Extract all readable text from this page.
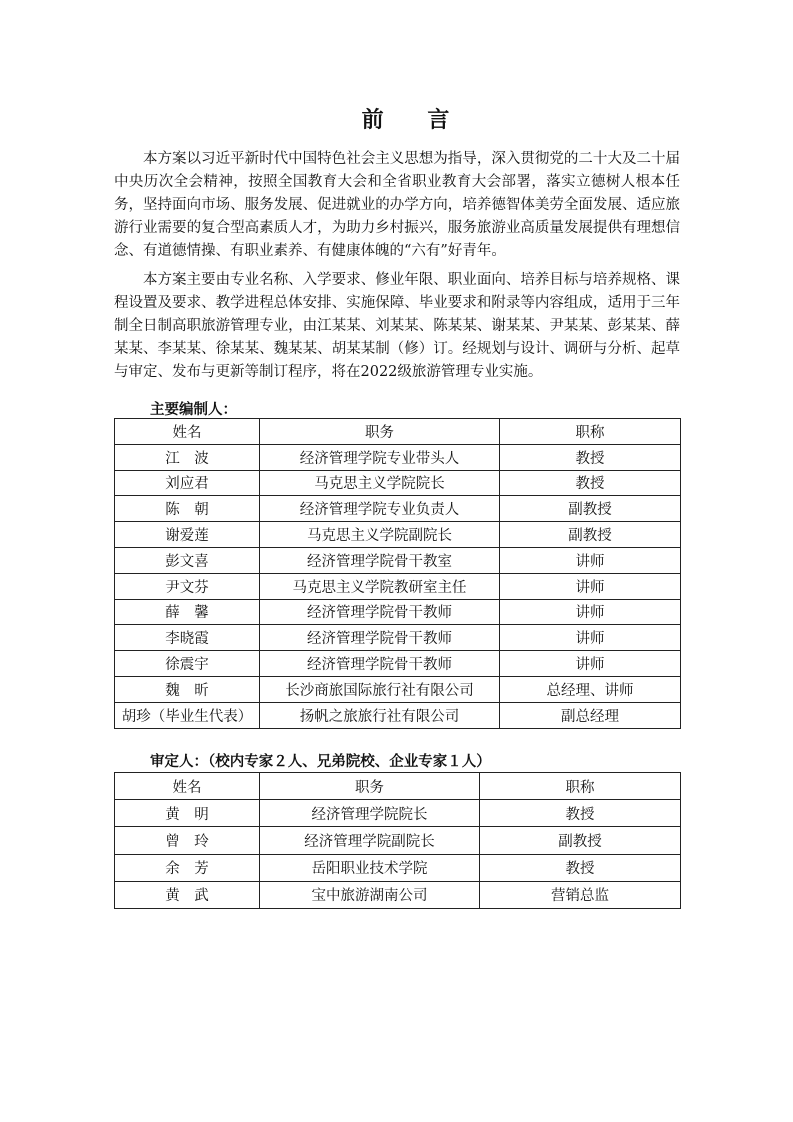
前 言

本方案以习近平新时代中国特色社会主义思想为指导，深入贯彻党的二十大及二十届中央历次全会精神，按照全国教育大会和全省职业教育大会部署，落实立德树人根本任务，坚持面向市场、服务发展、促进就业的办学方向，培养德智体美劳全面发展、适应旅游行业需要的复合型高素质人才，为助力乡村振兴，服务旅游业高质量发展提供有理想信念、有道德情操、有职业素养、有健康体魄的“六有”好青年。

本方案主要由专业名称、入学要求、修业年限、职业面向、培养目标与培养规格、课程设置及要求、教学进程总体安排、实施保障、毕业要求和附录等内容组成，适用于三年制全日制高职旅游管理专业，由江某某、刘某某、陈某某、谢某某、尹某某、彭某某、薛某某、李某某、徐某某、魏某某、胡某某制（修）订。经规划与设计、调研与分析、起草与审定、发布与更新等制订程序，将在2022级旅游管理专业实施。

主要编制人：
姓名	职务	职称
江　波	经济管理学院专业带头人	教授
刘应君	马克思主义学院院长	教授
陈　朝	经济管理学院专业负责人	副教授
谢爱莲	马克思主义学院副院长	副教授
彭文喜	经济管理学院骨干教室	讲师
尹文芬	马克思主义学院教研室主任	讲师
薛　馨	经济管理学院骨干教师	讲师
李晓霞	经济管理学院骨干教师	讲师
徐震宇	经济管理学院骨干教师	讲师
魏　昕	长沙商旅国际旅行社有限公司	总经理、讲师
胡珍（毕业生代表）	扬帆之旅旅行社有限公司	副总经理
审定人：（校内专家２人、兄弟院校、企业专家１人）
姓名	职务	职称
黄　明	经济管理学院院长	教授
曾　玲	经济管理学院副院长	副教授
余　芳	岳阳职业技术学院	教授
黄　武	宝中旅游湖南公司	营销总监
